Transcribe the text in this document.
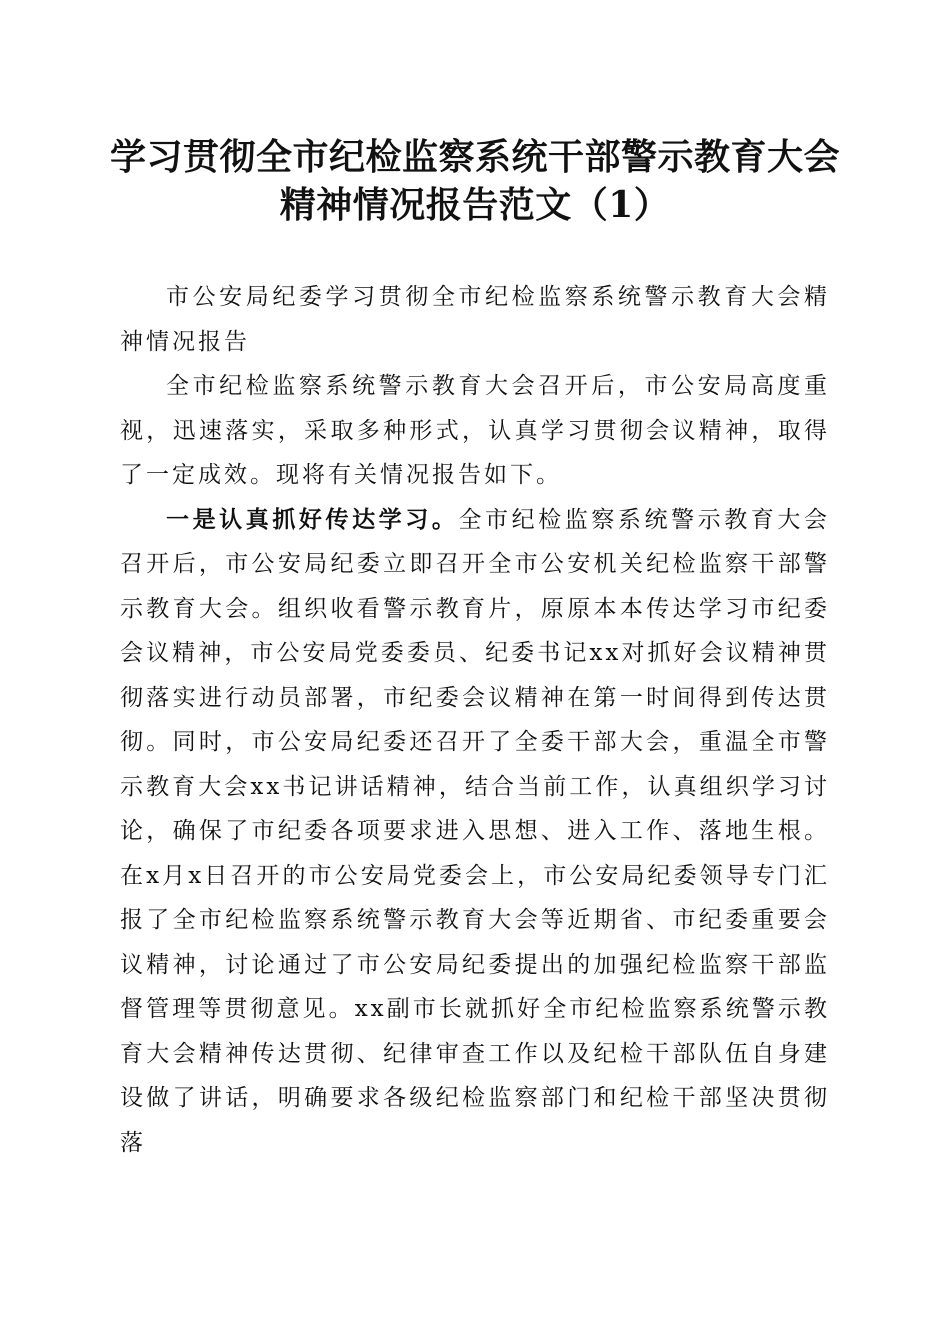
学习贯彻全市纪检监察系统干部警示教育大会
精神情况报告范文（1）

市公安局纪委学习贯彻全市纪检监察系统警示教育大会精神情况报告

全市纪检监察系统警示教育大会召开后，市公安局高度重视，迅速落实，采取多种形式，认真学习贯彻会议精神，取得了一定成效。现将有关情况报告如下。

一是认真抓好传达学习。全市纪检监察系统警示教育大会召开后，市公安局纪委立即召开全市公安机关纪检监察干部警示教育大会。组织收看警示教育片，原原本本传达学习市纪委会议精神，市公安局党委委员、纪委书记xx对抓好会议精神贯彻落实进行动员部署，市纪委会议精神在第一时间得到传达贯彻。同时，市公安局纪委还召开了全委干部大会，重温全市警示教育大会xx书记讲话精神，结合当前工作，认真组织学习讨论，确保了市纪委各项要求进入思想、进入工作、落地生根。在x月x日召开的市公安局党委会上，市公安局纪委领导专门汇报了全市纪检监察系统警示教育大会等近期省、市纪委重要会议精神，讨论通过了市公安局纪委提出的加强纪检监察干部监督管理等贯彻意见。xx副市长就抓好全市纪检监察系统警示教育大会精神传达贯彻、纪律审查工作以及纪检干部队伍自身建设做了讲话，明确要求各级纪检监察部门和纪检干部坚决贯彻落
